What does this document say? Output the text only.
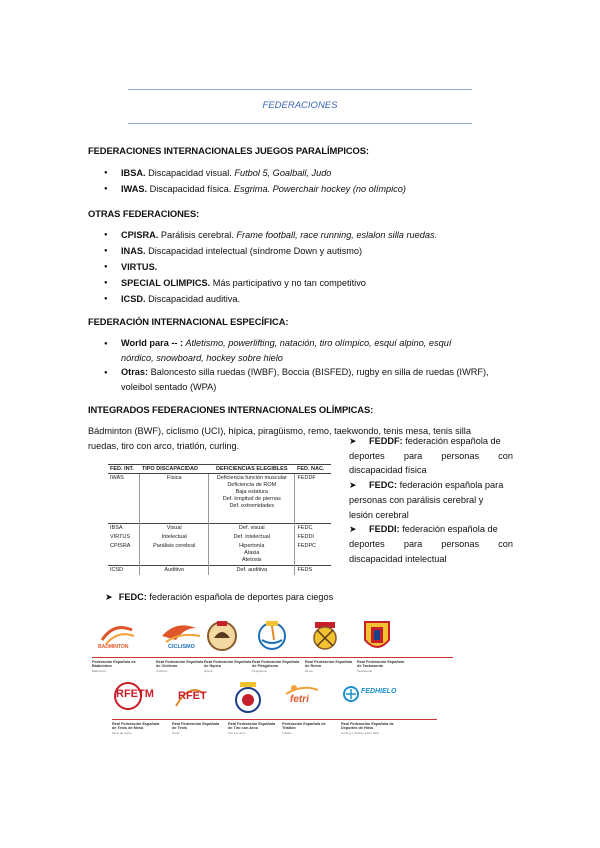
FEDERACIONES
FEDERACIONES INTERNACIONALES JUEGOS PARALÍMPICOS:
●
IBSA. Discapacidad visual. Futbol 5, Goalball, Judo
●
IWAS. Discapacidad física. Esgrima. Powerchair hockey (no olímpico)
OTRAS FEDERACIONES:
●
CPISRA. Parálisis cerebral. Frame football, race running, eslalon silla ruedas.
●
INAS. Discapacidad intelectual (síndrome Down y autismo)
●
VIRTUS.
●
SPECIAL OLIMPICS. Más participativo y no tan competitivo
●
ICSD. Discapacidad auditiva.
FEDERACIÓN INTERNACIONAL ESPECÍFICA:
●
World para -- : Atletismo, powerlifting, natación, tiro olímpico, esquí alpino, esquí
nórdico, snowboard, hockey sobre hielo
●
Otras: Baloncesto silla ruedas (IWBF), Boccia (BISFED), rugby en silla de ruedas (IWRF),
voleibol sentado (WPA)
INTEGRADOS FEDERACIONES INTERNACIONALES OLÍMPICAS:
Bádminton (BWF), ciclismo (UCI), hípica, piragüismo, remo, taekwondo, tenis mesa, tenis silla
ruedas, tiro con arco, triatlón, curling.
FED. INT.	TIPO DISCAPACIDAD	DEFICIENCIAS ELEGIBLES	FED. NAC.
IWAS	Física	Deficiencia función muscular
Deficiencia de ROM
Baja estatura
Def. longitud de piernas
Def. extremidades	FEDDF
IBSA	Visual	Def. visual	FEDC
VIRTUS	Intelectual	Def. intelectual	FEDDI
CPISRA	Parálisis cerebral	Hipertonía
Ataxia
Atetosis	FEDPC
ICSD	Auditivo	Def. auditiva	FEDS
➤ FEDDF: federación española de
deportes para personas con
discapacidad física
➤ FEDC: federación española para
personas con parálisis cerebral y
lesión cerebral
➤ FEDDI: federación española de
deportes para personas con
discapacidad intelectual
➤ FEDC: federación española de deportes para ciegos
BADMINTON
Federación Española de Bádminton
Bádminton
CICLISMO
Real Federación Española de Ciclismo
Ciclismo
Real Federación Española de Hípica
Hípica
Real Federación Española de Piragüismo
Piragüismo
Real Federación Española de Remo
Remo
Real Federación Española de Taekwondo
Taekwondo
RFETM
Real Federación Española de Tenis de Mesa
Tenis de mesa
RFET
Real Federación Española de Tenis
Tenis
Real Federación Española de Tiro con Arco
Tiro con arco
fetri
Federación Española de Triatlón
Triatlón
FEDHIELO
Real Federación Española de Deportes de Hielo
Curling y Hockey sobre hielo
